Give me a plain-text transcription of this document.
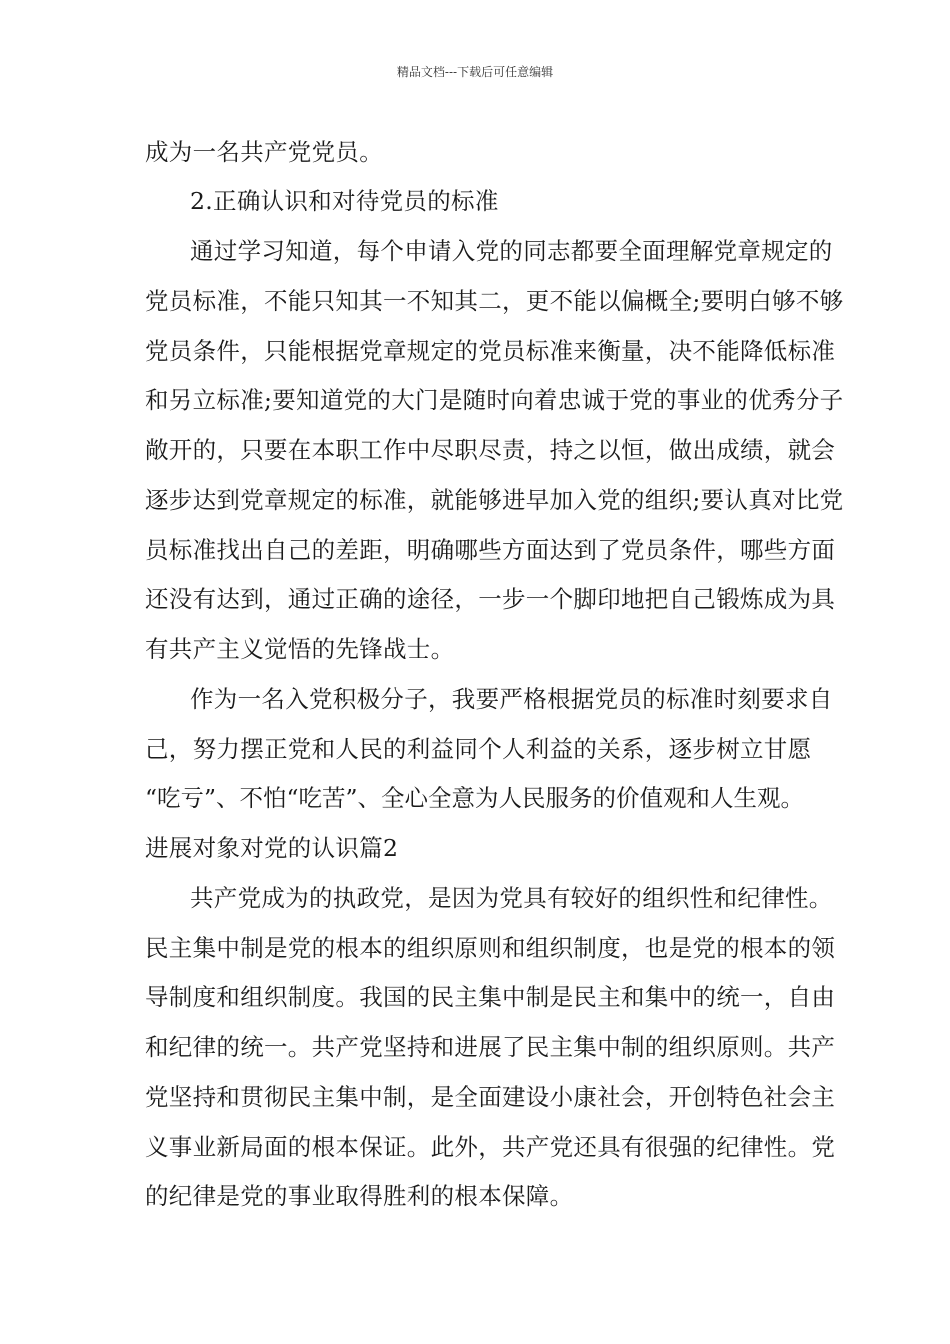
精品文档---下载后可任意编辑
成为一名共产党党员。
2.正确认识和对待党员的标准
通过学习知道，每个申请入党的同志都要全面理解党章规定的
党员标准，不能只知其一不知其二，更不能以偏概全;要明白够不够
党员条件，只能根据党章规定的党员标准来衡量，决不能降低标准
和另立标准;要知道党的大门是随时向着忠诚于党的事业的优秀分子
敞开的，只要在本职工作中尽职尽责，持之以恒，做出成绩，就会
逐步达到党章规定的标准，就能够进早加入党的组织;要认真对比党
员标准找出自己的差距，明确哪些方面达到了党员条件，哪些方面
还没有达到，通过正确的途径，一步一个脚印地把自己锻炼成为具
有共产主义觉悟的先锋战士。
作为一名入党积极分子，我要严格根据党员的标准时刻要求自
己，努力摆正党和人民的利益同个人利益的关系，逐步树立甘愿
“吃亏”、不怕“吃苦”、全心全意为人民服务的价值观和人生观。
进展对象对党的认识篇2
共产党成为的执政党，是因为党具有较好的组织性和纪律性。
民主集中制是党的根本的组织原则和组织制度，也是党的根本的领
导制度和组织制度。我国的民主集中制是民主和集中的统一，自由
和纪律的统一。共产党坚持和进展了民主集中制的组织原则。共产
党坚持和贯彻民主集中制，是全面建设小康社会，开创特色社会主
义事业新局面的根本保证。此外，共产党还具有很强的纪律性。党
的纪律是党的事业取得胜利的根本保障。
